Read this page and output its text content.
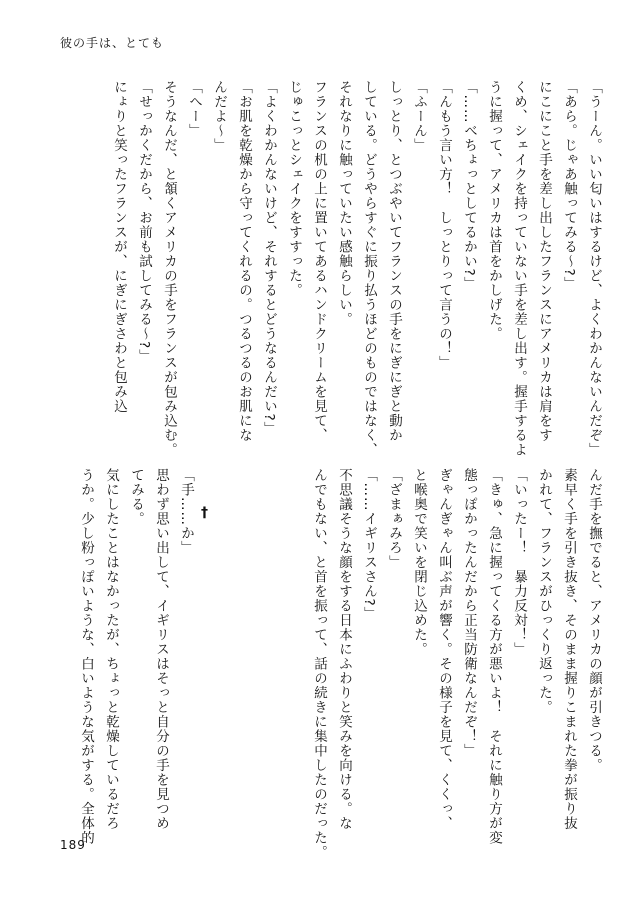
彼の手は、とても
「うーん。いい匂いはするけど、よくわかんないんだぞ」
「あら。じゃあ触ってみる～?」
にこにこと手を差し出したフランスにアメリカは肩をす
くめ、シェイクを持っていない手を差し出す。握手するよ
うに握って、アメリカは首をかしげた。
「……べちょっとしてるかい?」
「んもう言い方！　しっとりって言うの！」
「ふーん」
しっとり、とつぶやいてフランスの手をにぎにぎと動か
している。どうやらすぐに振り払うほどのものではなく、
それなりに触っていたい感触らしい。
フランスの机の上に置いてあるハンドクリームを見て、
じゅこっとシェイクをすすった。
「よくわかんないけど、それするとどうなるんだい?」
「お肌を乾燥から守ってくれるの。つるつるのお肌にな
んだよ～」
「へー」
そうなんだ、と頷くアメリカの手をフランスが包み込む。
「せっかくだから、お前も試してみる～?」
にょりと笑ったフランスが、にぎにぎさわと包み込
んだ手を撫でると、アメリカの顔が引きつる。
素早く手を引き抜き、そのまま握りこまれた拳が振り抜
かれて、フランスがひっくり返った。
「いったー！　暴力反対！」
「きゅ、急に握ってくる方が悪いよ！　それに触り方が変
態っぽかったんだから正当防衛なんだぞ！」
ぎゃんぎゃん叫ぶ声が響く。その様子を見て、くくっ、
と喉奥で笑いを閉じ込めた。
「ざまぁみろ」
「……イギリスさん?」
不思議そうな顔をする日本にふわりと笑みを向ける。な
んでもない、と首を振って、話の続きに集中したのだった。
†
「手……か」
思わず思い出して、イギリスはそっと自分の手を見つめ
てみる。
気にしたことはなかったが、ちょっと乾燥しているだろ
うか。少し粉っぽいような、白いような気がする。全体的
189
